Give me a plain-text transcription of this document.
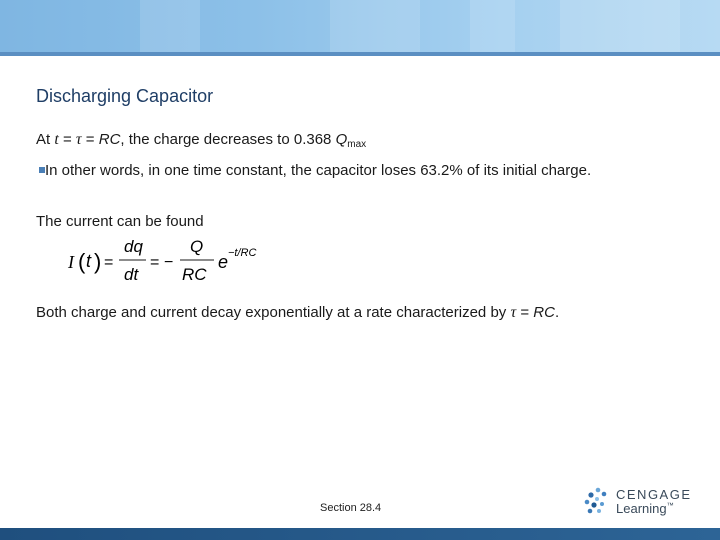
Discharging Capacitor
At t = τ = RC, the charge decreases to 0.368 $Q_{max}$
In other words, in one time constant, the capacitor loses 63.2% of its initial charge.
The current can be found
I ( t ) =
dq
dt
= −
Q
RC
e −t/RC
Both charge and current decay exponentially at a rate characterized by τ = RC.
Section 28.4
CENGAGE
Learning™
